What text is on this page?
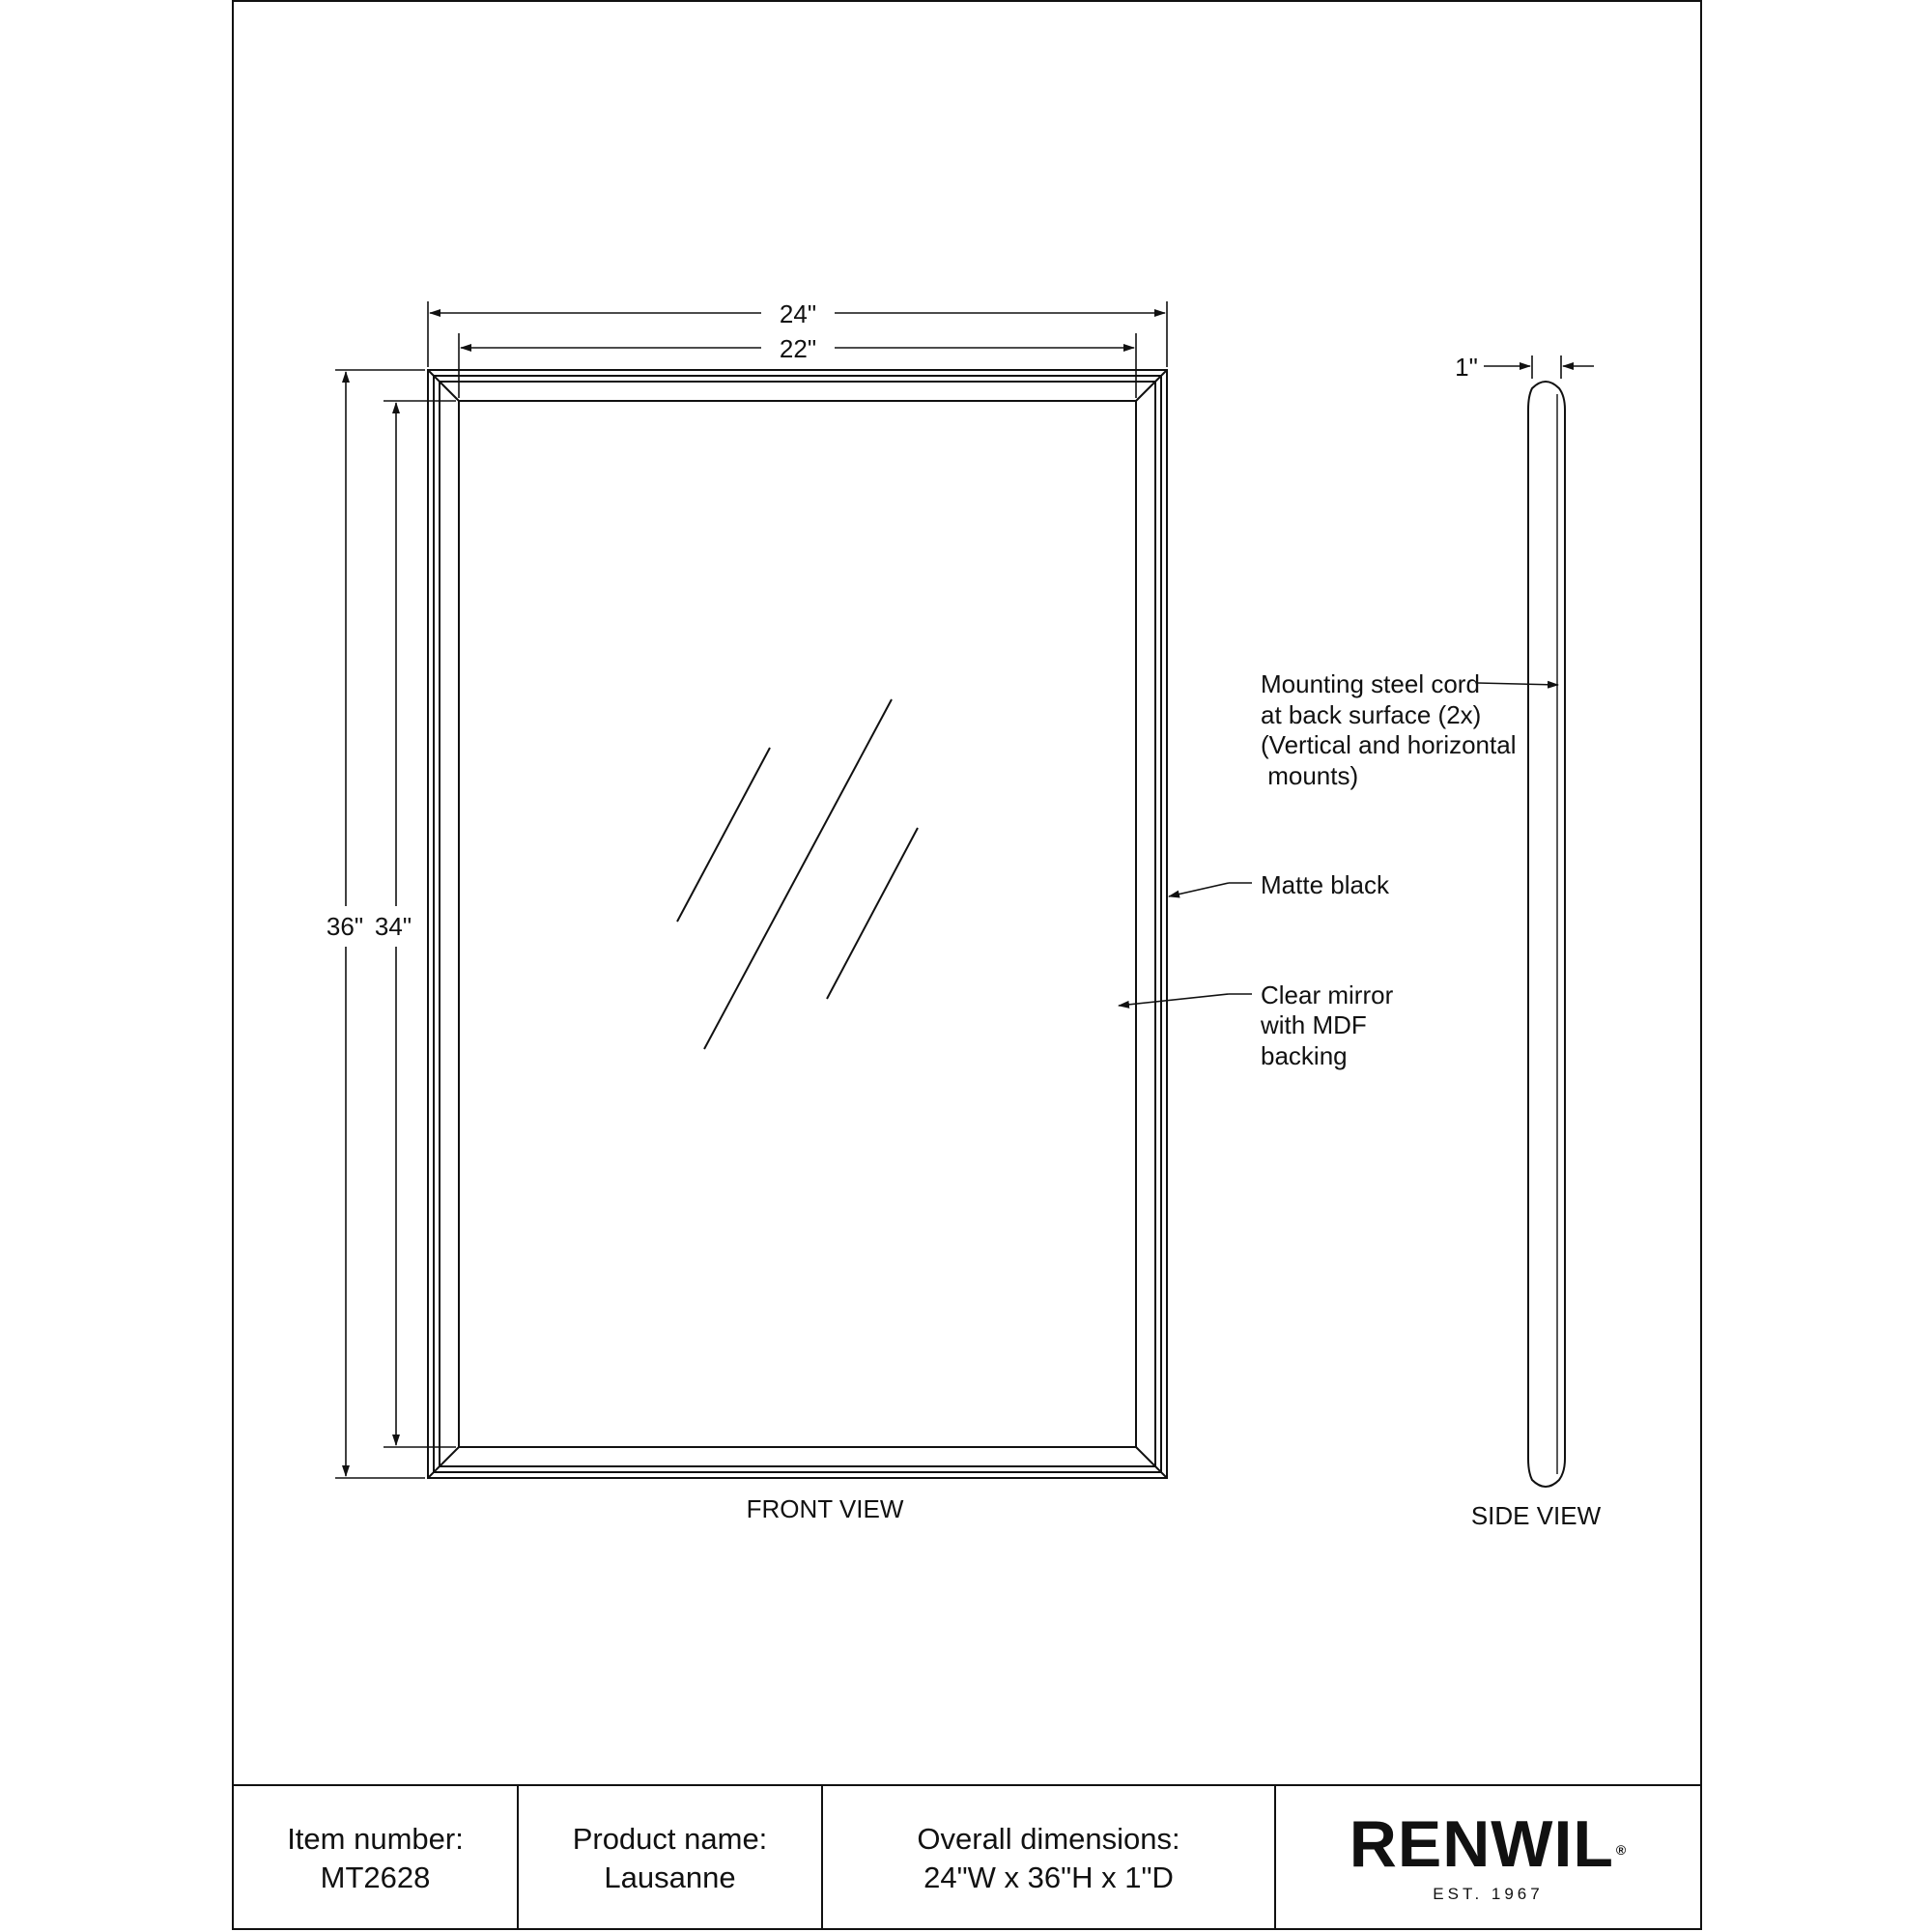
24"
22"
36" 34"
FRONT VIEW
Mounting steel cord
at back surface (2x)
(Vertical and horizontal
mounts)
Matte black
Clear mirror
with MDF
backing
1"
SIDE VIEW
Item number:
MT2628
Product name:
Lausanne
Overall dimensions:
24"W x 36"H x 1"D	RENWIL ®
EST. 1967
